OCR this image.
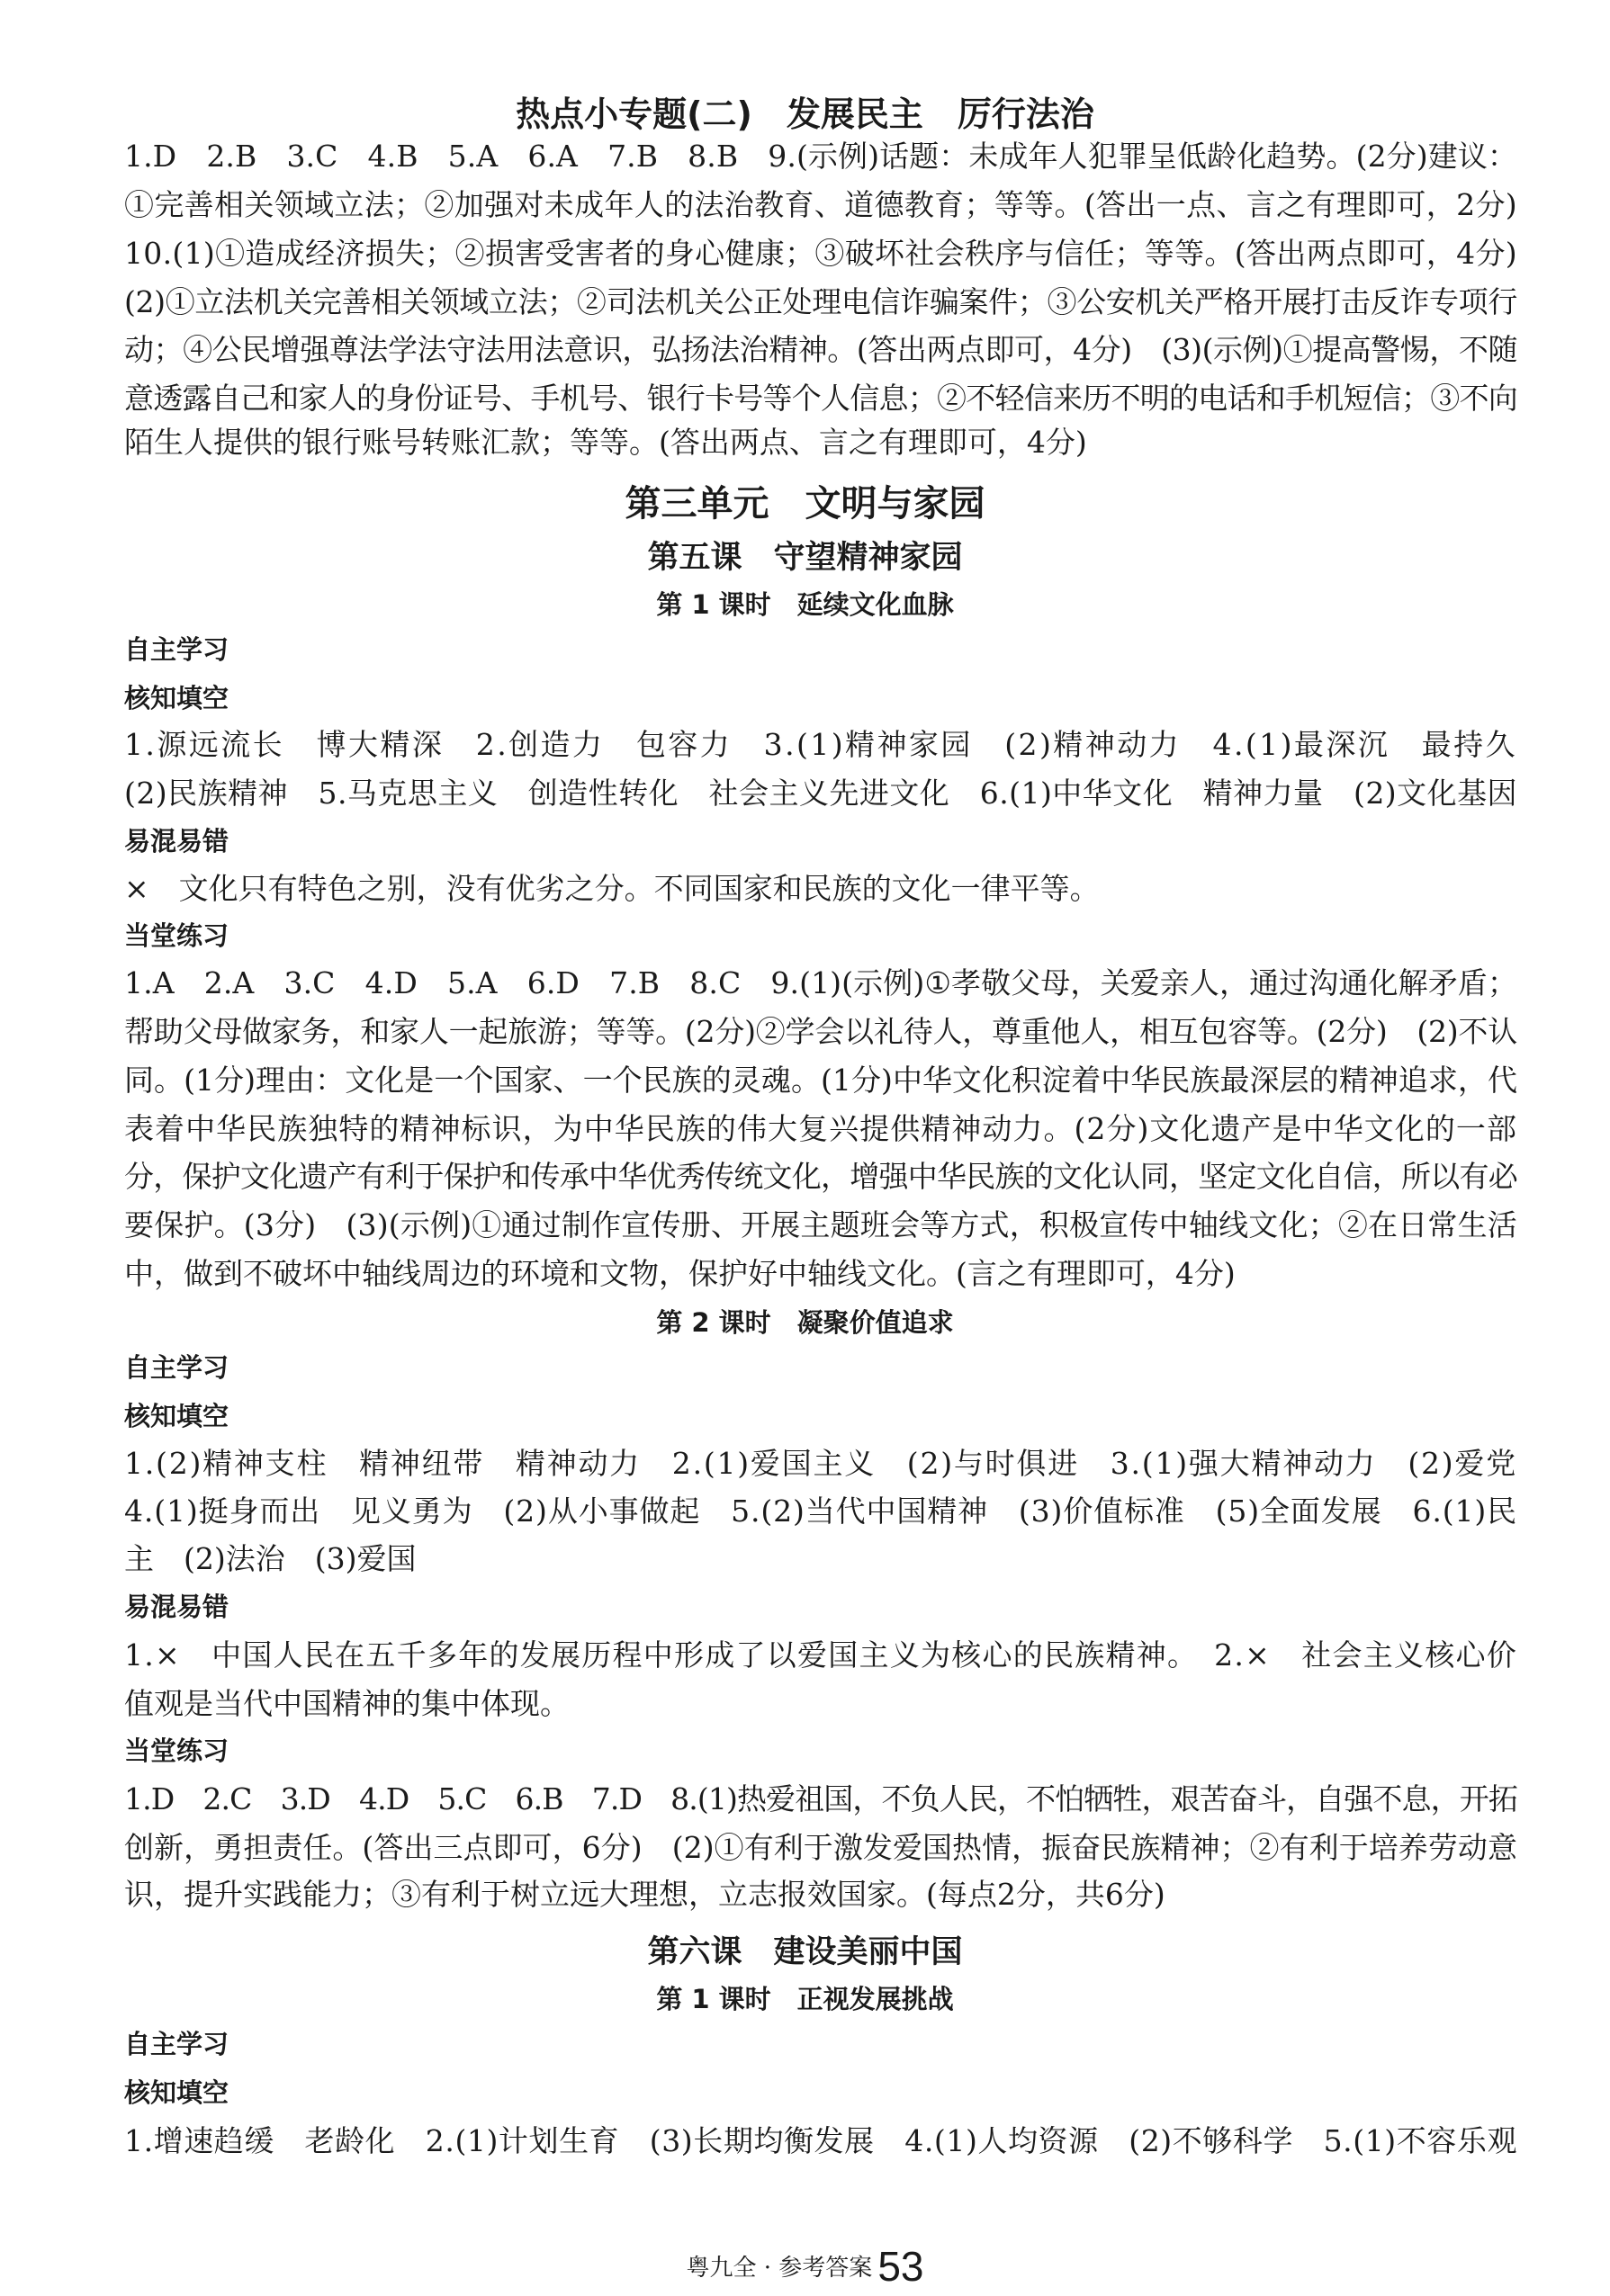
热点小专题(二)　发展民主　厉行法治
1.D　2.B　3.C　4.B　5.A　6.A　7.B　8.B　9.(示例)话题：未成年人犯罪呈低龄化趋势。(2分)建议：
①完善相关领域立法；②加强对未成年人的法治教育、道德教育；等等。(答出一点、言之有理即可，2分)
10.(1)①造成经济损失；②损害受害者的身心健康；③破坏社会秩序与信任；等等。(答出两点即可，4分)
(2)①立法机关完善相关领域立法；②司法机关公正处理电信诈骗案件；③公安机关严格开展打击反诈专项行
动；④公民增强尊法学法守法用法意识，弘扬法治精神。(答出两点即可，4分)　(3)(示例)①提高警惕，不随
意透露自己和家人的身份证号、手机号、银行卡号等个人信息；②不轻信来历不明的电话和手机短信；③不向
陌生人提供的银行账号转账汇款；等等。(答出两点、言之有理即可，4分)
第三单元　文明与家园
第五课　守望精神家园
第 1 课时　延续文化血脉
自主学习
核知填空
1.源远流长　博大精深　2.创造力　包容力　3.(1)精神家园　(2)精神动力　4.(1)最深沉　最持久
(2)民族精神　5.马克思主义　创造性转化　社会主义先进文化　6.(1)中华文化　精神力量　(2)文化基因
易混易错
×　文化只有特色之别，没有优劣之分。不同国家和民族的文化一律平等。
当堂练习
1.A　2.A　3.C　4.D　5.A　6.D　7.B　8.C　9.(1)(示例)①孝敬父母，关爱亲人，通过沟通化解矛盾；
帮助父母做家务，和家人一起旅游；等等。(2分)②学会以礼待人，尊重他人，相互包容等。(2分)　(2)不认
同。(1分)理由：文化是一个国家、一个民族的灵魂。(1分)中华文化积淀着中华民族最深层的精神追求，代
表着中华民族独特的精神标识，为中华民族的伟大复兴提供精神动力。(2分)文化遗产是中华文化的一部
分，保护文化遗产有利于保护和传承中华优秀传统文化，增强中华民族的文化认同，坚定文化自信，所以有必
要保护。(3分)　(3)(示例)①通过制作宣传册、开展主题班会等方式，积极宣传中轴线文化；②在日常生活
中，做到不破坏中轴线周边的环境和文物，保护好中轴线文化。(言之有理即可，4分)
第 2 课时　凝聚价值追求
自主学习
核知填空
1.(2)精神支柱　精神纽带　精神动力　2.(1)爱国主义　(2)与时俱进　3.(1)强大精神动力　(2)爱党
4.(1)挺身而出　见义勇为　(2)从小事做起　5.(2)当代中国精神　(3)价值标准　(5)全面发展　6.(1)民
主　(2)法治　(3)爱国
易混易错
1.×　中国人民在五千多年的发展历程中形成了以爱国主义为核心的民族精神。　2.×　社会主义核心价
值观是当代中国精神的集中体现。
当堂练习
1.D　2.C　3.D　4.D　5.C　6.B　7.D　8.(1)热爱祖国，不负人民，不怕牺牲，艰苦奋斗，自强不息，开拓
创新，勇担责任。(答出三点即可，6分)　(2)①有利于激发爱国热情，振奋民族精神；②有利于培养劳动意
识，提升实践能力；③有利于树立远大理想，立志报效国家。(每点2分，共6分)
第六课　建设美丽中国
第 1 课时　正视发展挑战
自主学习
核知填空
1.增速趋缓　老龄化　2.(1)计划生育　(3)长期均衡发展　4.(1)人均资源　(2)不够科学　5.(1)不容乐观
粤九全 · 参考答案 53
